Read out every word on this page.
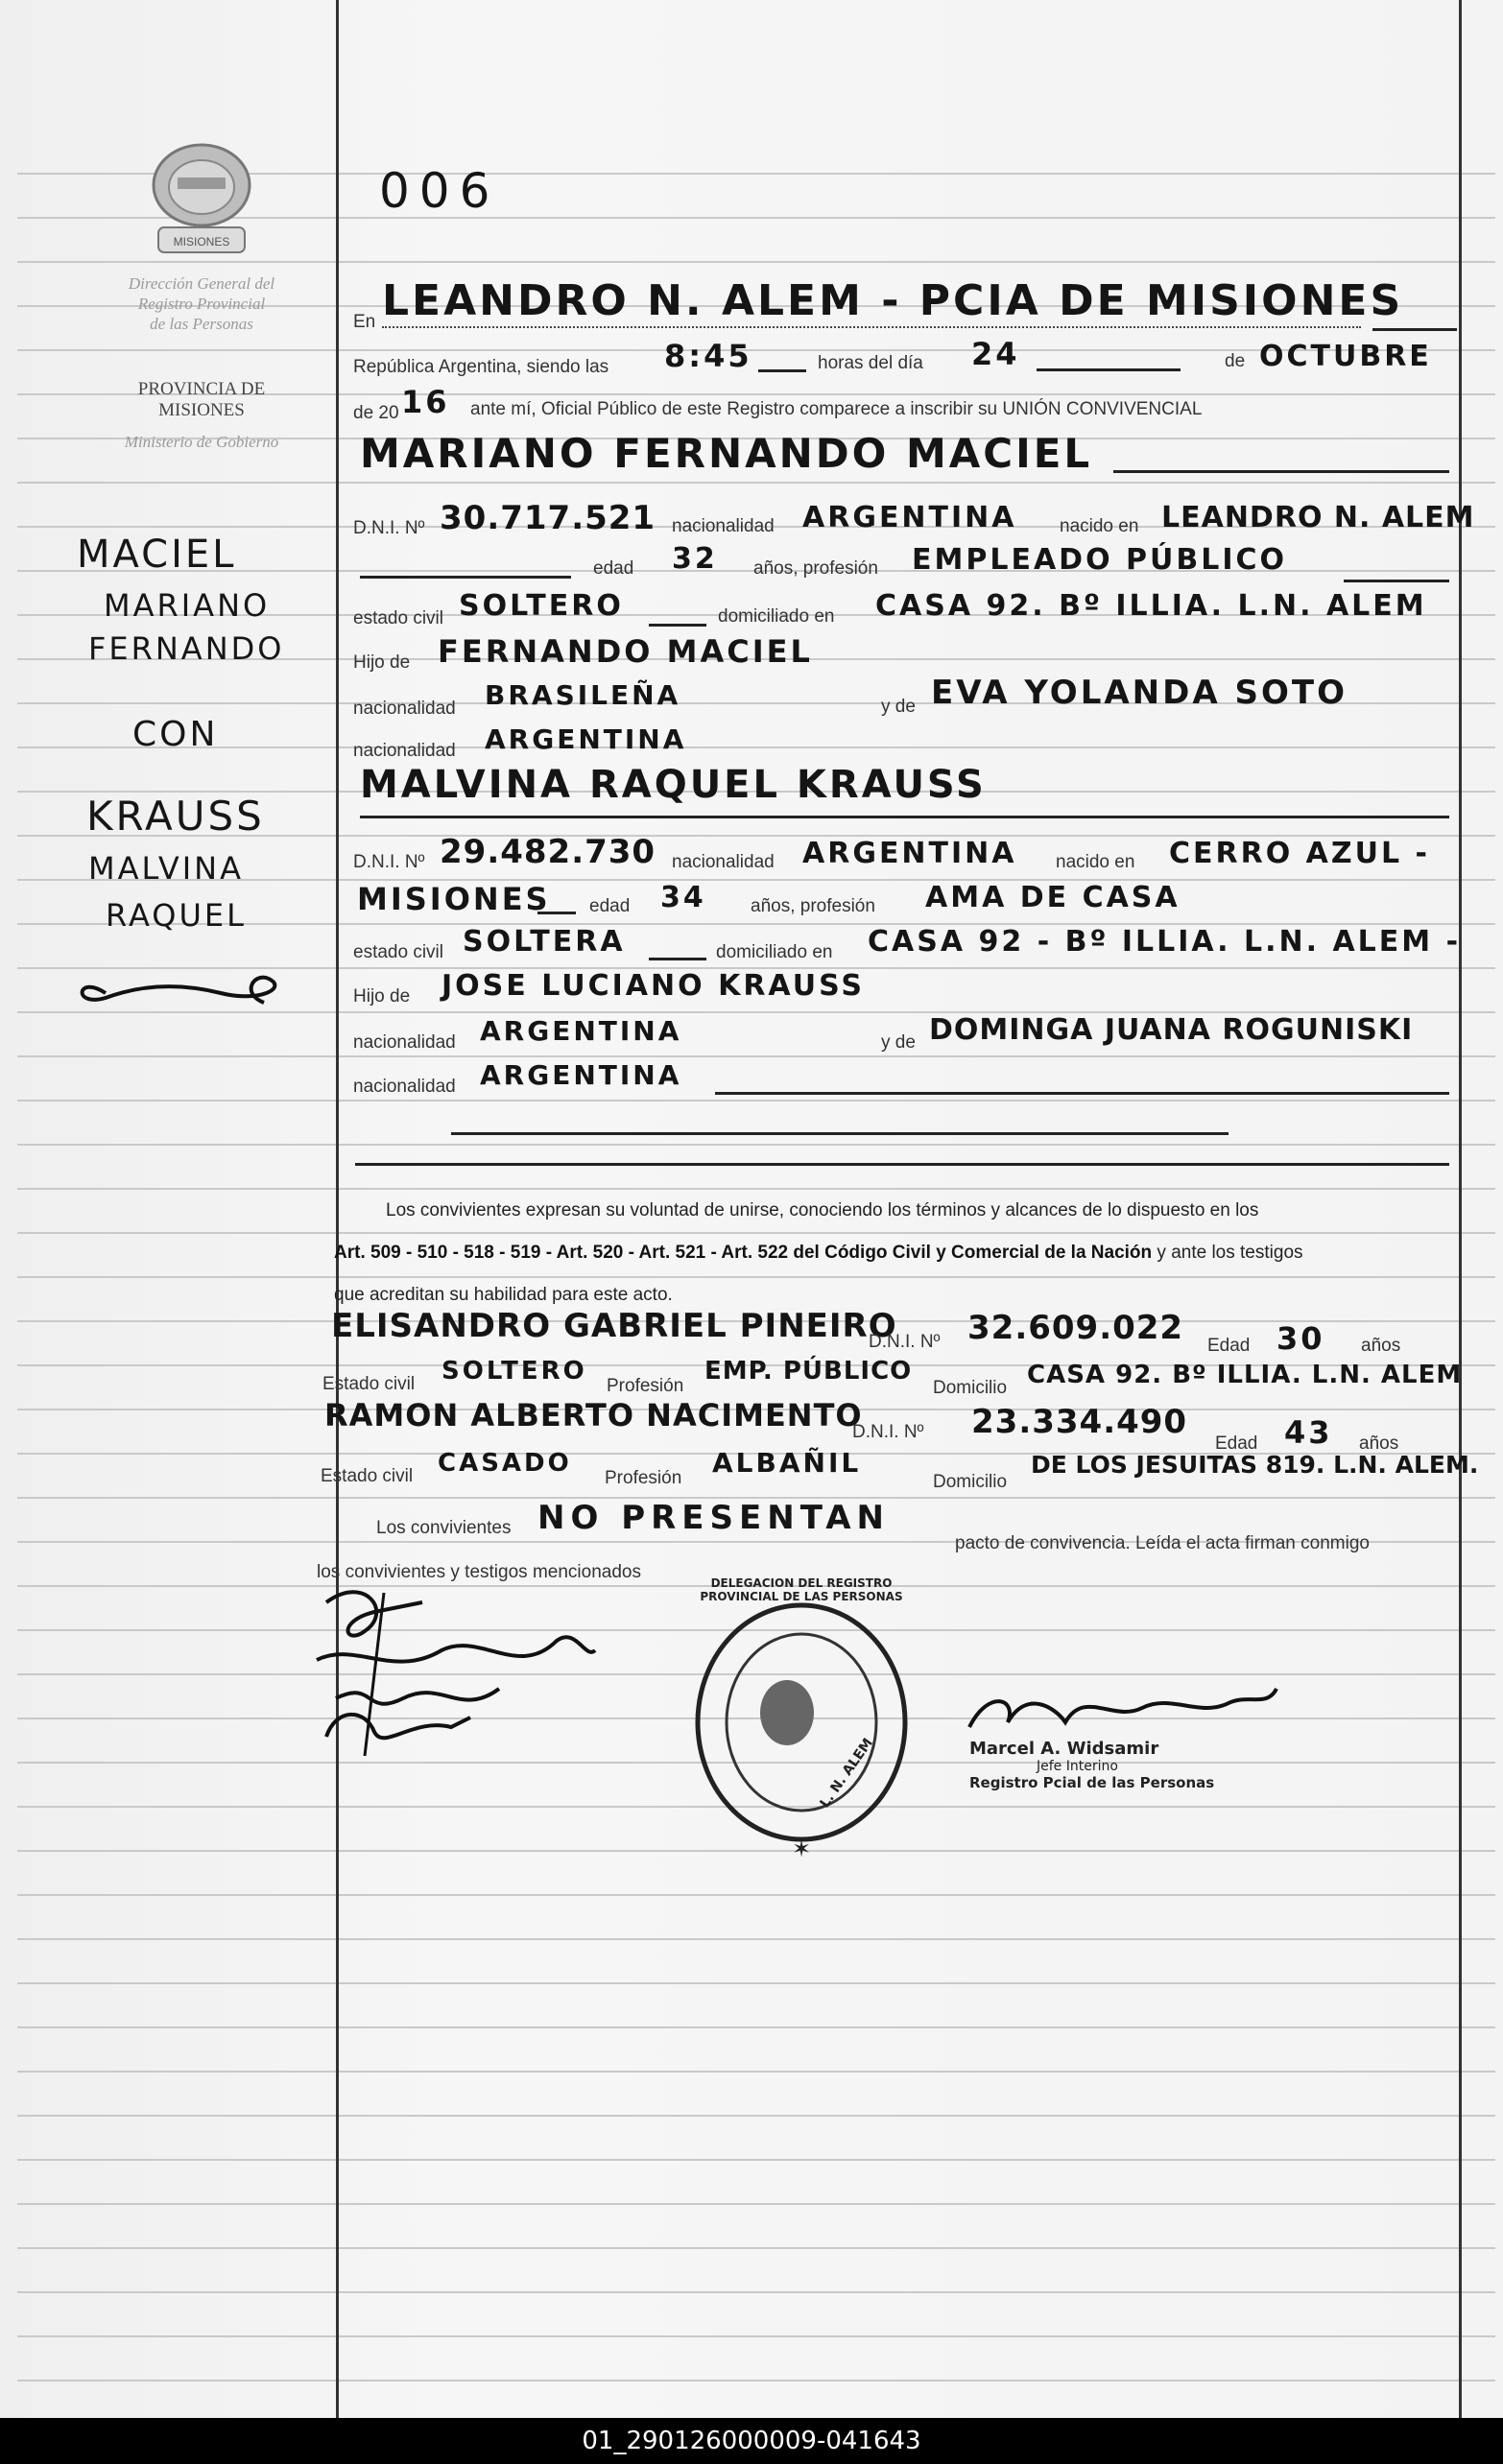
MISIONES
Dirección General del
Registro Provincial
de las Personas
PROVINCIA DE
MISIONES
Ministerio de Gobierno
006
MACIEL
MARIANO
FERNANDO
CON
KRAUSS
MALVINA
RAQUEL
En LEANDRO N. ALEM - PCIA DE MISIONES
República Argentina, siendo las 8:45	horas del día 24	de OCTUBRE
de 20 16 ante mí, Oficial Público de este Registro comparece a inscribir su UNIÓN CONVIVENCIAL
MARIANO FERNANDO MACIEL
D.N.I. Nº 30.717.521 nacionalidad ARGENTINA nacido en LEANDRO N. ALEM
edad 32 años, profesión EMPLEADO PÚBLICO
estado civil SOLTERO	domiciliado en CASA 92. Bº ILLIA. L.N. ALEM
Hijo de FERNANDO MACIEL
nacionalidad BRASILEÑA	y de EVA YOLANDA SOTO
nacionalidad ARGENTINA
MALVINA RAQUEL KRAUSS
D.N.I. Nº 29.482.730 nacionalidad ARGENTINA nacido en CERRO AZUL -
MISIONES edad 34 años, profesión AMA DE CASA
estado civil SOLTERA	domiciliado en CASA 92 - Bº ILLIA. L.N. ALEM -
Hijo de JOSE LUCIANO KRAUSS
nacionalidad ARGENTINA	y de DOMINGA JUANA ROGUNISKI
nacionalidad ARGENTINA
Los convivientes expresan su voluntad de unirse, conociendo los términos y alcances de lo dispuesto en los
Art. 509 - 510 - 518 - 519 - Art. 520 - Art. 521 - Art. 522 del Código Civil y Comercial de la Nación y ante los testigos
que acreditan su habilidad para este acto.
ELISANDRO GABRIEL PINEIRO
D.N.I. Nº 32.609.022 Edad 30 años
Estado civil SOLTERO
Profesión
EMP. PÚBLICO
Domicilio CASA 92. Bº ILLIA. L.N. ALEM
RAMON ALBERTO NACIMENTO
D.N.I. Nº 23.334.490
Edad 43 años
Estado civil CASADO
Profesión ALBAÑIL
Domicilio
DE LOS JESUITAS 819. L.N. ALEM.
Los convivientes NO PRESENTAN
pacto de convivencia. Leída el acta firman conmigo
los convivientes y testigos mencionados
✶
DELEGACION DEL REGISTRO PROVINCIAL DE LAS PERSONAS
L. N. ALEM	Marcel A. Widsamir
Jefe Interino
Registro Pcial de las Personas
01_290126000009-041643
